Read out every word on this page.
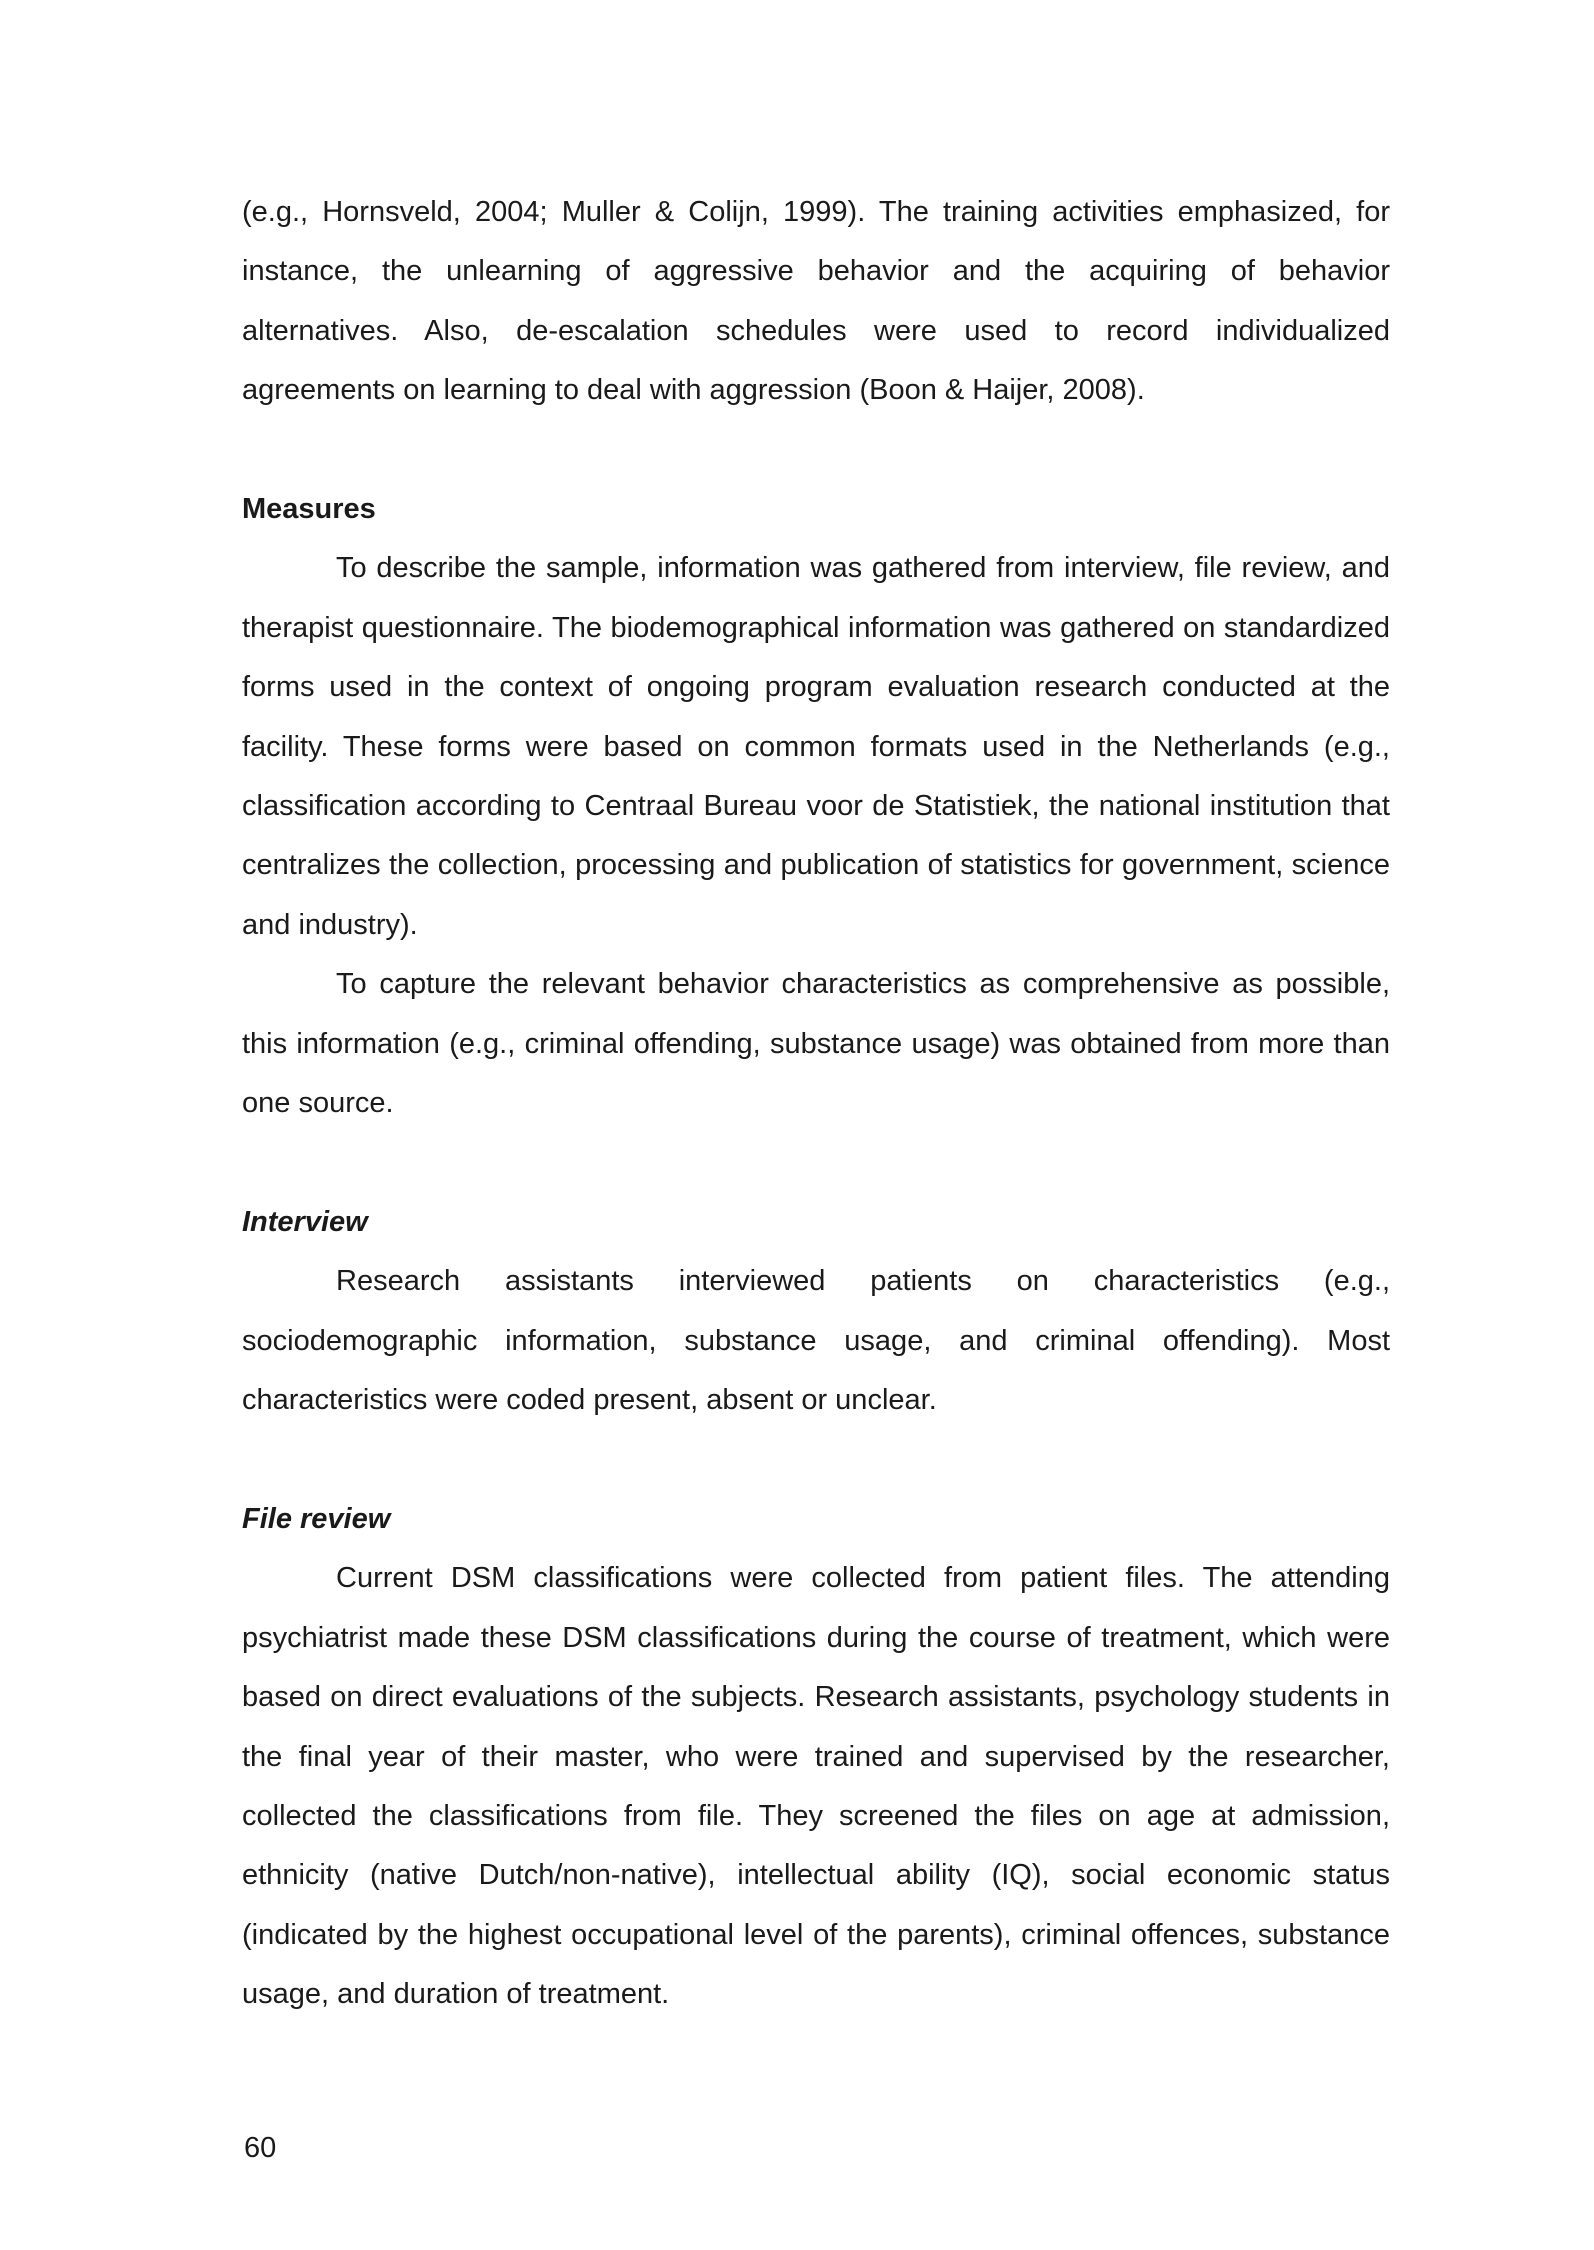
(e.g., Hornsveld, 2004; Muller & Colijn, 1999). The training activities emphasized, for instance, the unlearning of aggressive behavior and the acquiring of behavior alternatives. Also, de-escalation schedules were used to record individualized agreements on learning to deal with aggression (Boon & Haijer, 2008).

Measures

To describe the sample, information was gathered from interview, file review, and therapist questionnaire. The biodemographical information was gathered on standardized forms used in the context of ongoing program evaluation research conducted at the facility. These forms were based on common formats used in the Netherlands (e.g., classification according to Centraal Bureau voor de Statistiek, the national institution that centralizes the collection, processing and publication of statistics for government, science and industry).

To capture the relevant behavior characteristics as comprehensive as possible, this information (e.g., criminal offending, substance usage) was obtained from more than one source.

Interview

Research assistants interviewed patients on characteristics (e.g., sociodemographic information, substance usage, and criminal offending). Most characteristics were coded present, absent or unclear.

File review

Current DSM classifications were collected from patient files. The attending psychiatrist made these DSM classifications during the course of treatment, which were based on direct evaluations of the subjects. Research assistants, psychology students in the final year of their master, who were trained and supervised by the researcher, collected the classifications from file. They screened the files on age at admission, ethnicity (native Dutch/non-native), intellectual ability (IQ), social economic status (indicated by the highest occupational level of the parents), criminal offences, substance usage, and duration of treatment.

60
